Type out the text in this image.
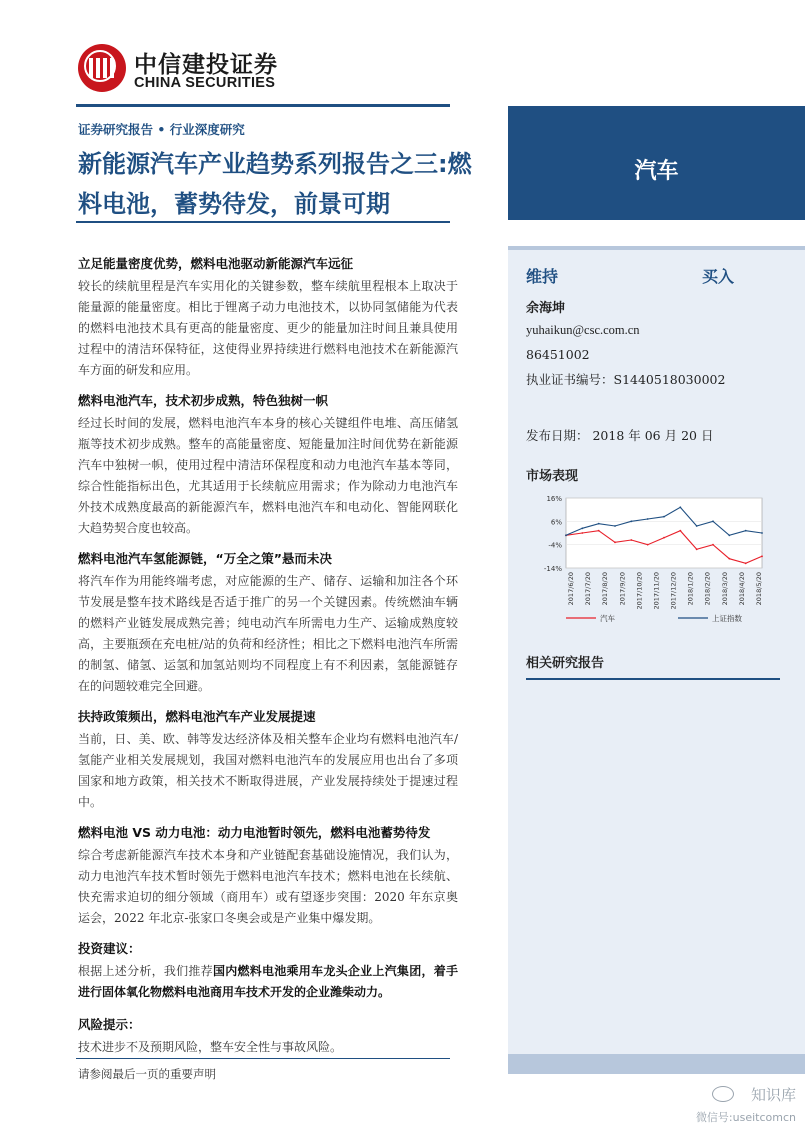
中信建投证券
CHINA SECURITIES
证券研究报告 • 行业深度研究
新能源汽车产业趋势系列报告之三:燃料电池，蓄势待发，前景可期
汽车
维持	买入
余海坤
yuhaikun@csc.com.cn
86451002
执业证书编号：S1440518030002
发布日期： 2018 年 06 月 20 日
市场表现
16%
6%
-4%
-14%
2017/6/20 2017/7/20 2017/8/20 2017/9/20 2017/10/20 2017/11/20 2017/12/20 2018/1/20 2018/2/20 2018/3/20 2018/4/20 2018/5/20
汽车	上证指数
相关研究报告
立足能量密度优势，燃料电池驱动新能源汽车远征

较长的续航里程是汽车实用化的关键参数，整车续航里程根本上取决于能量源的能量密度。相比于锂离子动力电池技术，以协同氢储能为代表的燃料电池技术具有更高的能量密度、更少的能量加注时间且兼具使用过程中的清洁环保特征，这使得业界持续进行燃料电池技术在新能源汽车方面的研发和应用。

燃料电池汽车，技术初步成熟，特色独树一帜

经过长时间的发展，燃料电池汽车本身的核心关键组件电堆、高压储氢瓶等技术初步成熟。整车的高能量密度、短能量加注时间优势在新能源汽车中独树一帜，使用过程中清洁环保程度和动力电池汽车基本等同，综合性能指标出色，尤其适用于长续航应用需求；作为除动力电池汽车外技术成熟度最高的新能源汽车，燃料电池汽车和电动化、智能网联化大趋势契合度也较高。

燃料电池汽车氢能源链，“万全之策”悬而未决

将汽车作为用能终端考虑，对应能源的生产、储存、运输和加注各个环节发展是整车技术路线是否适于推广的另一个关键因素。传统燃油车辆的燃料产业链发展成熟完善；纯电动汽车所需电力生产、运输成熟度较高，主要瓶颈在充电桩/站的负荷和经济性；相比之下燃料电池汽车所需的制氢、储氢、运氢和加氢站则均不同程度上有不利因素，氢能源链存在的问题较难完全回避。

扶持政策频出，燃料电池汽车产业发展提速

当前，日、美、欧、韩等发达经济体及相关整车企业均有燃料电池汽车/氢能产业相关发展规划，我国对燃料电池汽车的发展应用也出台了多项国家和地方政策，相关技术不断取得进展，产业发展持续处于提速过程中。

燃料电池 VS 动力电池：动力电池暂时领先，燃料电池蓄势待发

综合考虑新能源汽车技术本身和产业链配套基础设施情况，我们认为，动力电池汽车技术暂时领先于燃料电池汽车技术；燃料电池在长续航、快充需求迫切的细分领域（商用车）或有望逐步突围：2020 年东京奥运会，2022 年北京-张家口冬奥会或是产业集中爆发期。

投资建议：

根据上述分析，我们推荐国内燃料电池乘用车龙头企业上汽集团，着手进行固体氧化物燃料电池商用车技术开发的企业潍柴动力。

风险提示：

技术进步不及预期风险，整车安全性与事故风险。

请参阅最后一页的重要声明
知识库
微信号:useitcomcn
